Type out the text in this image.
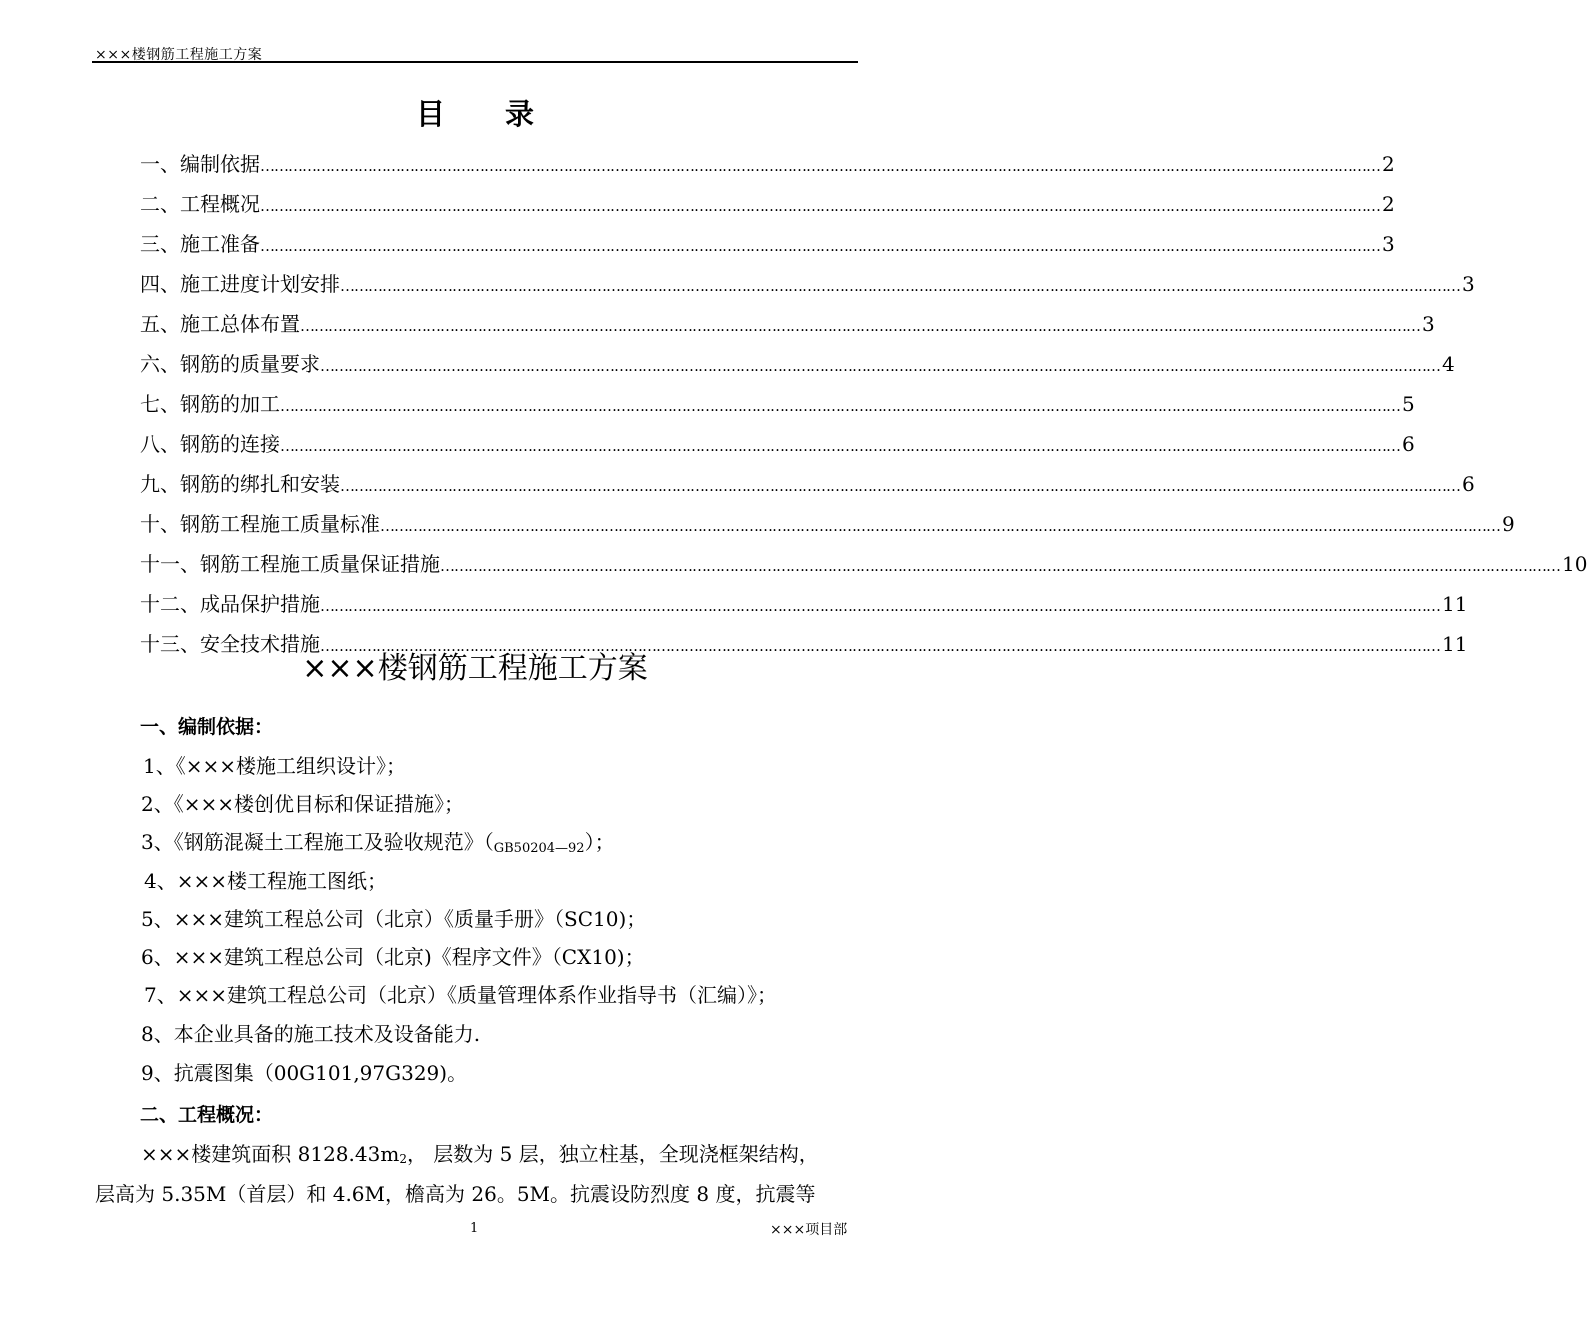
×××楼钢筋工程施工方案
目录
一、编制依据 …………………………………………………………………………………………………………………………………………………………………………………………………………………… 2
二、工程概况 …………………………………………………………………………………………………………………………………………………………………………………………………………………… 2
三、施工准备 …………………………………………………………………………………………………………………………………………………………………………………………………………………… 3
四、施工进度计划安排 …………………………………………………………………………………………………………………………………………………………………………………………………………………… 3
五、施工总体布置 …………………………………………………………………………………………………………………………………………………………………………………………………………………… 3
六、钢筋的质量要求 …………………………………………………………………………………………………………………………………………………………………………………………………………………… 4
七、钢筋的加工 …………………………………………………………………………………………………………………………………………………………………………………………………………………… 5
八、钢筋的连接 …………………………………………………………………………………………………………………………………………………………………………………………………………………… 6
九、钢筋的绑扎和安装 …………………………………………………………………………………………………………………………………………………………………………………………………………………… 6
十、钢筋工程施工质量标准 …………………………………………………………………………………………………………………………………………………………………………………………………………………… 9
十一、钢筋工程施工质量保证措施 …………………………………………………………………………………………………………………………………………………………………………………………………………………… 10
十二、成品保护措施 …………………………………………………………………………………………………………………………………………………………………………………………………………………… 11
十三、安全技术措施 …………………………………………………………………………………………………………………………………………………………………………………………………………………… 11
×××楼钢筋工程施工方案
一、编制依据：
1、《×××楼施工组织设计》；
2、《×××楼创优目标和保证措施》；
3、《钢筋混凝土工程施工及验收规范》$(_{GB50204—92})$；
4、×××楼工程施工图纸；
5、×××建筑工程总公司（北京）《质量手册》（SC10)；
6、×××建筑工程总公司（北京)《程序文件》（CX10)；
7、×××建筑工程总公司（北京）《质量管理体系作业指导书（汇编）》；
8、本企业具备的施工技术及设备能力.
9、抗震图集（00G101,97G329)。
二、工程概况：
×××楼建筑面积 8128.43m2， 层数为 5 层，独立柱基，全现浇框架结构，
层高为 5.35M（首层）和 4.6M，檐高为 26。5M。抗震设防烈度 8 度，抗震等
1	×××项目部
